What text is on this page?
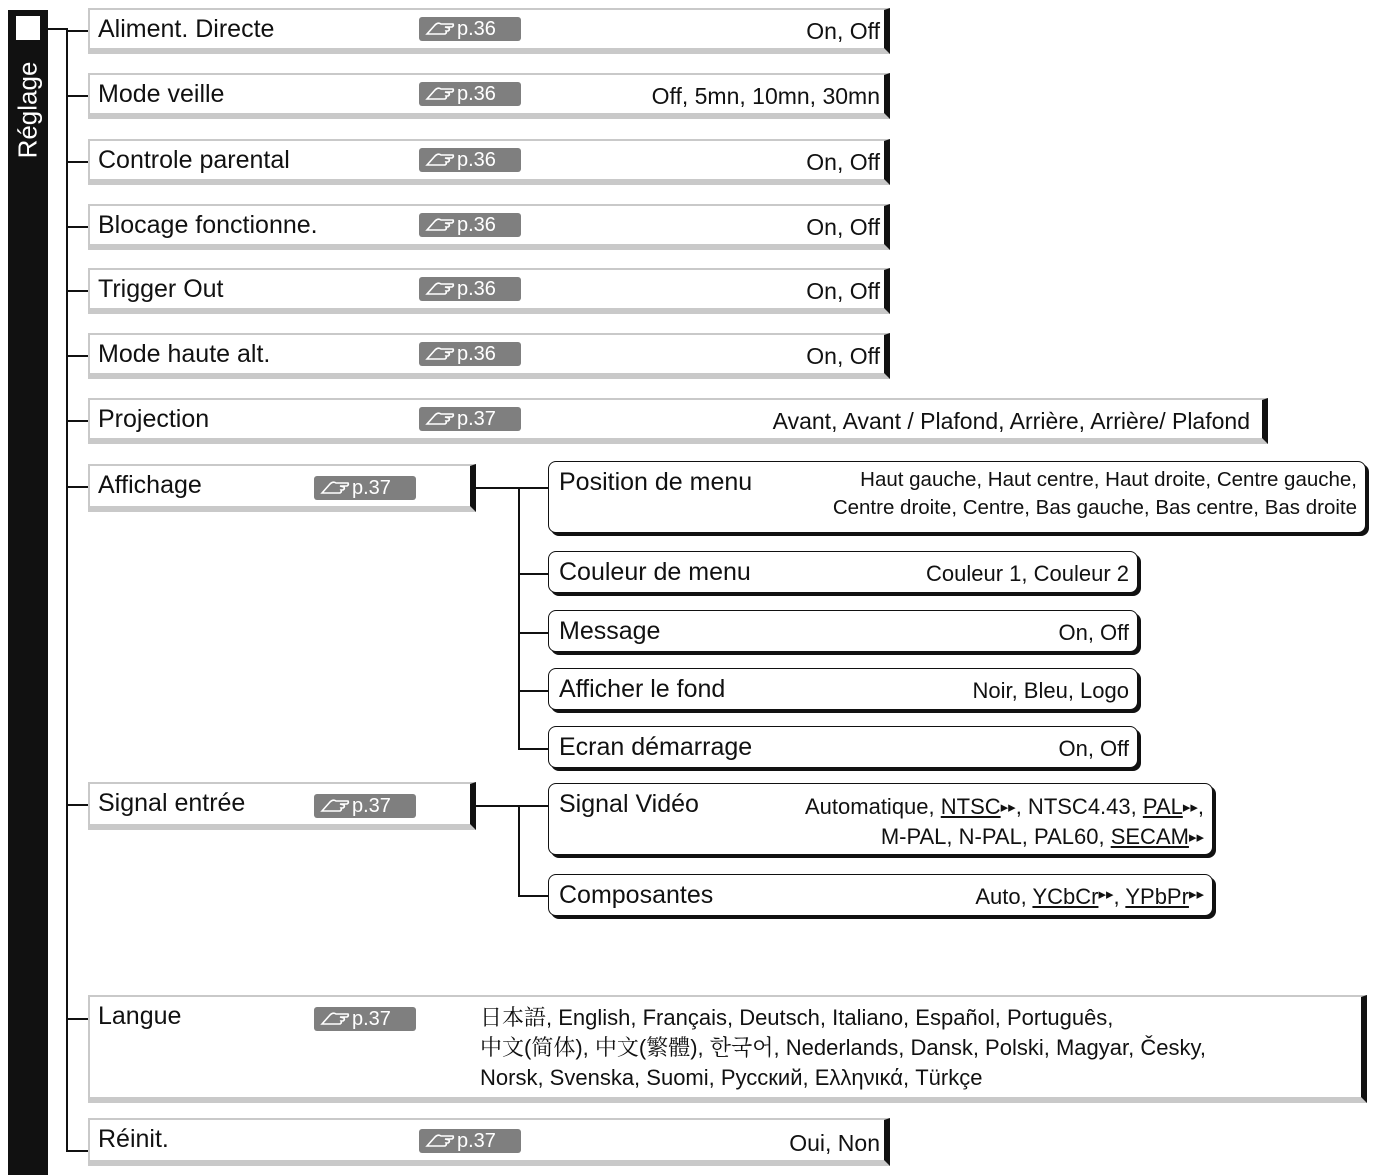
Réglage
Aliment. Directe	p.36	On, Off
Mode veille	p.36	Off, 5mn, 10mn, 30mn
Controle parental	p.36	On, Off
Blocage fonctionne.	p.36	On, Off
Trigger Out	p.36	On, Off
Mode haute alt.	p.36	On, Off
Projection	p.37	Avant, Avant / Plafond, Arrière, Arrière/ Plafond
Affichage	p.37
Signal entrée	p.37
Langue	p.37	日本語, English, Français, Deutsch, Italiano, Español, Português,
中文(简体), 中文(繁體), 한국어, Nederlands, Dansk, Polski, Magyar, Česky,
Norsk, Svenska, Suomi, Русский, Ελληνικά, Türkçe
Réinit.	p.37	Oui, Non
Position de menu	Haut gauche, Haut centre, Haut droite, Centre gauche,
Centre droite, Centre, Bas gauche, Bas centre, Bas droite
Couleur de menu	Couleur 1, Couleur 2
Message	On, Off
Afficher le fond	Noir, Bleu, Logo
Ecran démarrage	On, Off
Signal Vidéo	Automatique, NTSC▸▸, NTSC4.43, PAL▸▸,
M-PAL, N-PAL, PAL60, SECAM▸▸
Composantes	Auto, YCbCr▸▸, YPbPr▸▸
